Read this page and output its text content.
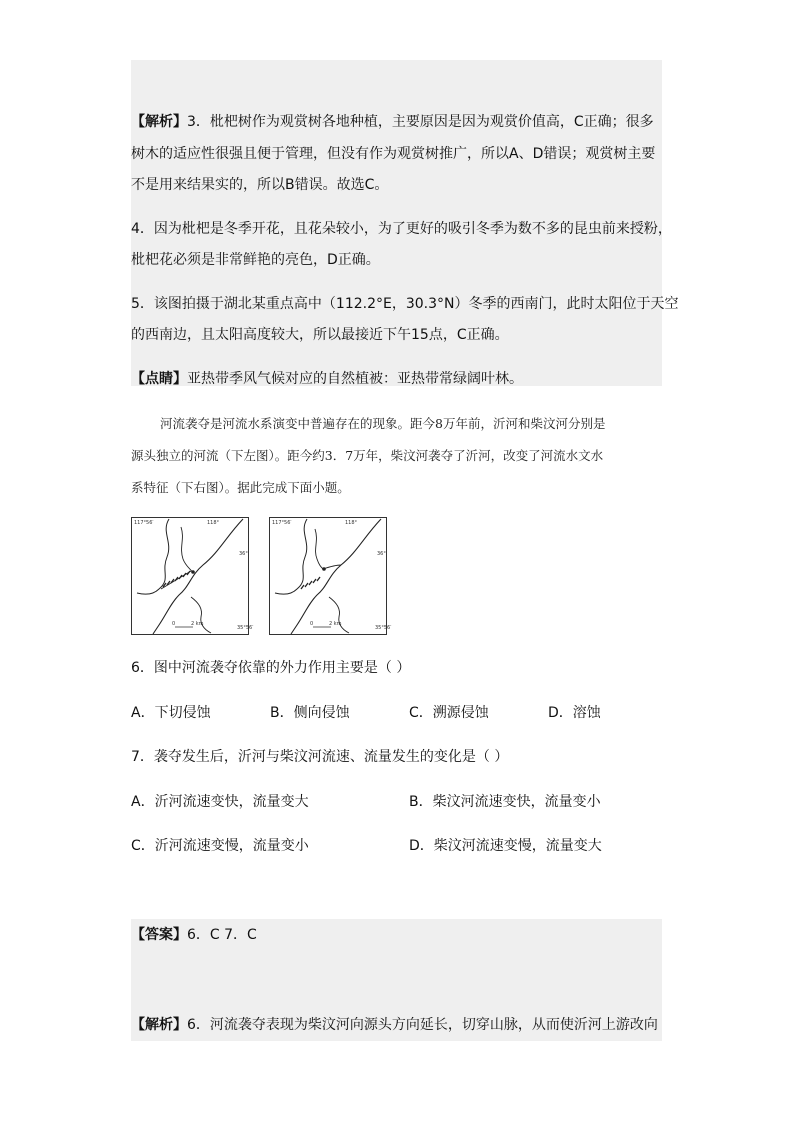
【解析】3．枇杷树作为观赏树各地种植，主要原因是因为观赏价值高，C正确；很多
树木的适应性很强且便于管理，但没有作为观赏树推广，所以A、D错误；观赏树主要
不是用来结果实的，所以B错误。故选C。
4．因为枇杷是冬季开花，且花朵较小，为了更好的吸引冬季为数不多的昆虫前来授粉，
枇杷花必须是非常鲜艳的亮色，D正确。
5．该图拍摄于湖北某重点高中（112.2°E，30.3°N）冬季的西南门，此时太阳位于天空
的西南边，且太阳高度较大，所以最接近下午15点，C正确。
【点睛】亚热带季风气候对应的自然植被：亚热带常绿阔叶林。
河流袭夺是河流水系演变中普遍存在的现象。距今8万年前，沂河和柴汶河分别是
源头独立的河流（下左图）。距今约3．7万年，柴汶河袭夺了沂河，改变了河流水文水
系特征（下右图）。据此完成下面小题。
117°56′	118°
36°
35°56′
0	2 km
117°56′	118°
36°
35°56′
0	2 km
6．图中河流袭夺依靠的外力作用主要是（ ）
A．下切侵蚀	B．侧向侵蚀	C．溯源侵蚀	D．溶蚀
7．袭夺发生后，沂河与柴汶河流速、流量发生的变化是（ ）
A．沂河流速变快，流量变大	B．柴汶河流速变快，流量变小
C．沂河流速变慢，流量变小	D．柴汶河流速变慢，流量变大
【答案】6．C 7．C
【解析】6．河流袭夺表现为柴汶河向源头方向延长，切穿山脉，从而使沂河上游改向
